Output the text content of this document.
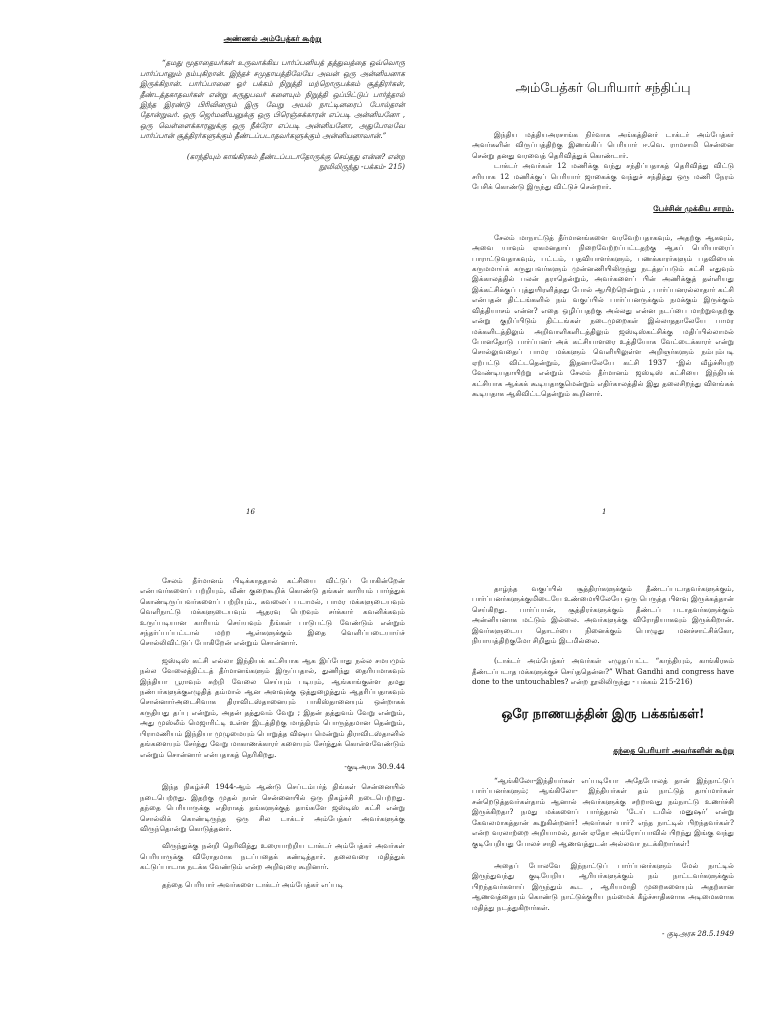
அண்ணல் அம்பேத்கர் கூற்று

“தமது மூதாதையர்கள் உருவாக்கிய பார்ப்பனியத் தத்துவத்தை ஒவ்வொரு பார்ப்பானும் நம்புகிறான். இந்தச் சமுதாயத்திலேயே அவன் ஒரு அன்னியனாக இருக்கிறான். பார்ப்பானை ஓர் பக்கம் நிறுத்தி மற்றொருபக்கம் சூத்திரர்கள், தீண்டத்தகாதவர்கள் என்று கருதுபவர் களையும் நிறுத்தி ஒப்பிட்டுப் பார்த்தால் இந்த இரண்டு பிரிவினரும் இரு வேறு அயல் நாட்டினரைப் போல்தான் தோன்றுவர். ஒரு ஜெர்மனியனுக்கு ஒரு பிரெஞ்சுக்காரன் எப்படி அன்னியனோ , ஒரு வெள்ளைக்காரனுக்கு ஒரு நீக்ரோ எப்படி அன்னியனோ, அதுபோலவே பார்ப்பான் சூத்திரர்களுக்கும் தீண்டப்படாதவர்களுக்கும் அன்னியனாவான்.”

(காந்தியும் காங்கிரசும் தீண்டப்படாதோருக்கு செய்தது என்ன? என்ற நூலிலிருந்து -பக்கம்- 215)

16

அம்பேத்கர் பெரியார் சந்திப்பு

இந்திய மத்தியஅரசாங்க நிர்வாக அங்கத்தினர் டாக்டர் அம்பேத்கர் அவர்களின் விருப்பத்திற்கு இணங்கிப் பெரியார் ஈ.வெ. ராமசாமி சென்னை சென்று தனது வரவைத் தெரிவித்துக் கொண்டார்.

டாக்டர் அவர்கள் 12 மணிக்கு வந்து சந்திப்பதாகத் தெரிவித்து விட்டு சரியாக 12 மணிக்குப் பெரியார் ஜாகைக்கு வந்துச் சந்தித்து ஒரு மணி நேரம் பேசிக் கொண்டு இருந்து விட்டுச் சென்றார்.

பேச்சின் முக்கிய சாரம்.

சேலம் மாநாட்டுத் தீர்மானங்களை வரவேற்பதாகவும், அதற்கு ஆகவும், அவை யாவும் ஏகமனதாய் நிறைவேற்றப்பட்டதற்கு ஆகப் பெரியாரைப் பாராட்டுவதாகவும், பட்டம், பதவியாளர்களும், பணக்காரர்களும் பதவியைக் கருமமாய்க் கருதுபவர்களும் முன்னணியிலிருந்து நடத்தப்படும் கட்சி எதுவும் இக்காலத்தில் பலன் தராதென்றும், அவர்களைப் பின் அணிக்குத் தள்ளியது இக்கட்சிக்குப் புத்துயிரளித்தது போல் ஆயிற்றென்றும் , பார்ப்பனரல்லாதார் கட்சி என்பதன் திட்டங்களில் நம் வகுப்பில் பார்ப்பனருக்கும் நமக்கும் இருக்கும் வித்தியாசம் என்ன? எதை ஒழிப்பதற்கு அல்லது என்ன நடப்பை மாற்றுவதற்கு என்று குறிப்பிடும் திட்டங்கள் நடைமுறைகள் இல்லாததாலேயே பாமர மக்களிடத்திலும் அறிவாளிகளிடத்திலும் ஜஸ்டிஸ்கட்சிக்கு மதிப்பில்லாமல் போனதோடு பார்ப்பனர் அக் கட்சியாளரை உத்தியோக வேட்டைக்காரர் என்று சொல்லுவதைப் பாமர மக்களும் வெளியிலுள்ள அறிஞர்களும் நம்பும்படி ஏற்பட்டு விட்டதென்றும், இதனாலேயே கட்சி 1937 -இல் வீழ்ச்சியுற வேண்டியதாயிற்று என்றும் சேலம் தீர்மானம் ஜஸ்டிஸ் கட்சியை இந்தியக் கட்சியாக ஆக்கக் கூடியதாகுமென்றும் எதிர்காலத்தில் இது தலைசிறந்து விளங்கக் கூடியதாக ஆகிவிட்டதென்றும் கூறினார்.

1

சேலம் தீர்மானம் பிடிக்காததால் கட்சியை விட்டுப் போகின்றேன் என்பவர்களைப் பற்றியும், வீண் குறைகூறிக் கொண்டு தங்கள் காரியம் பார்த்துக் கொண்டிருப்பவர்களைப் பற்றியும்., கவலைப் படாமல், பாமர மக்களுடையவும் வெளிநாட்டு மக்களுடையவும் ஆதரவு பெறவும் சர்க்கார் கவனிக்கவும் உருப்படியான காரியம் செய்யவும் நீங்கள் பாடுபட்டு வேண்டும் என்றும் சந்தர்ப்பப்பட்டால் மற்ற ஆள்களுக்கும் இதை வெளிப்படையாய்ச் சொல்லிவிட்டுப் போகிறேன் என்றும் சொன்னார்.

ஜஸ்டிஸ் கட்சி எல்லா இந்தியக் கட்சியாக ஆக இப்போது நல்ல சமயமும் நல்ல வேலைத்திட்டத் தீர்மானங்களும் இருப்பதால், துணிந்து தைரியமாகவும் இந்தியா பூராவும் சுற்றி வேலை செய்யும் படியும், ஆங்காங்குள்ள தமது நண்பர்களுக்குஎழுதித் தம்மால் ஆன அளவுக்கு ஒத்துழைத்தும் ஆதரிப்பதாகவும் சொன்னார்அடைசிவாக திராவிடஸ்தானையும் பாகிஸ்தானையும் ஒன்றாகக் கருதியது தப்பு என்றும், அதன் தத்துவம் வேறு ; இதன் தத்துவம் வேறு என்றும், அது முஸ்லீம் மெஜாரிட்டி உள்ள இடத்திற்கு மாத்திரம் பொருத்தமான தென்றும், பிராமணியம் இந்தியா முழுமையும் பொறுத்த விஷய மென்றும் திராவிடஸ்தானில் தங்களையும் சேர்த்து வேறு மாகாணக்காரர் களையும் சேர்த்துக் கொள்ளவேண்டும் என்றும் சொன்னார் என்பதாகத் தெரிகிறது.

-குடிஅரசு 30.9.44

இந்த நிகழ்ச்சி 1944-ஆம் ஆண்டு செப்டம்பர்த் திங்கள் சென்னையில் நடைபெற்றது. இதற்கு முதல் நாள் சென்னையில் ஒரு நிகழ்ச்சி நடைபெற்றது. தந்தை பெரியாருக்கு எதிராகத் தங்களுக்குத் தாங்களே ஜஸ்டிஸ் கட்சி என்று சொல்லிக் கொண்டிருந்த ஒரு சில டாக்டர் அம்பேத்கர் அவர்களுக்கு விருந்தொன்று கொடுத்தனர்.

விருந்துக்கு நன்றி தெரிவித்து உரையாற்றிய டாக்டர் அம்பேத்கர் அவர்கள் பெரியாருக்கு விரோதமாக நடப்பதைக் கண்டித்தார். தலைவரை மதித்துக் கட்டுப்பாடாக நடக்க வேண்டும் என்ற அறிவுரை கூறினார்.

தந்தை பெரியார் அவர்களை டாக்டர் அம்பேத்கர் எப்படி

தாழ்ந்த வகுப்பில் சூத்திரர்களுக்கும் தீண்டப்படாதவர்களுக்கும், பார்ப்பனர்களுக்குமிடையே உண்மையிலேயே ஒரு பெருத்த பிளவு இருக்கத்தான் செய்கிறது. பார்ப்பான், சூத்திரர்களுக்கும் தீண்டப் படாதவர்களுக்கும் அன்னியனாக மட்டும் இல்லை. அவர்களுக்கு விரோதியாகவும் இருக்கிறான். இவர்களுடைய தொடர்பை நினைக்கும் பொழுது மனச்சாட்சிக்கோ, நியாயத்திற்குமோ சிறிதும் இடமில்லை.

(டாக்டர் அம்பேத்கர் அவர்கள் எழுதப்பட்ட “காந்தியும், காங்கிரசும் தீண்டப்படாத மக்களுக்குச் செய்ததென்ன?” What Gandhi and congress have done to the untouchables? என்ற நூலிலிருந்து - பக்கம் 215-216)

ஒரே நாணயத்தின் இரு பக்கங்கள்!

தந்தை பெரியார் அவர்களின் கூற்று

“ஆங்கிலோ-இந்தியர்கள் எப்படியோ அதேபோலத் தான் இந்நாட்டுப் பார்ப்பனர்களும்; ஆங்கிலோ- இந்தியர்கள் தம் நாட்டுத் தாய்மார்கள் சன்றெடுத்தவர்கள்தாம் ஆனால் அவர்களுக்கு சற்றாவது நம்நாட்டு உணர்ச்சி இருக்கிறதா? நமது மக்களைப் பார்த்தால் ‘டேய் டமில் மனுஷர்’ என்று கேவலமாகத்தான் கூறுகின்றனர்! அவர்கள் யார்? எந்த நாட்டில் பிறந்தவர்கள்? என்ற வரலாற்றை அறியாமல், தான் ஏதோ அம்ரோப்பாவில் பிறந்து இங்கு வந்து குடியேறியது போலச் சாதி ஆணவத்துடன் அல்லவா நடக்கிறார்கள்!

அதைப் போலவே இந்நாட்டுப் பார்ப்பனர்களும் மேல் நாட்டில் இருந்துவந்து குடியேறிய ஆரியர்களுக்கும் நம் நாட்டவர்களுக்கும் பிறந்தவர்களாய் இருந்தும் கூட , ஆரியமாதி முறைகளையும் அதற்கான ஆணவத்தையும் கொண்டு நாட்டுக்குரிய நம்மைக் கீழ்ச்சாதிகளாக அடிமைகளாக மதித்து நடத்துகிறார்கள்.

- குடிஅரசு 28.5.1949
